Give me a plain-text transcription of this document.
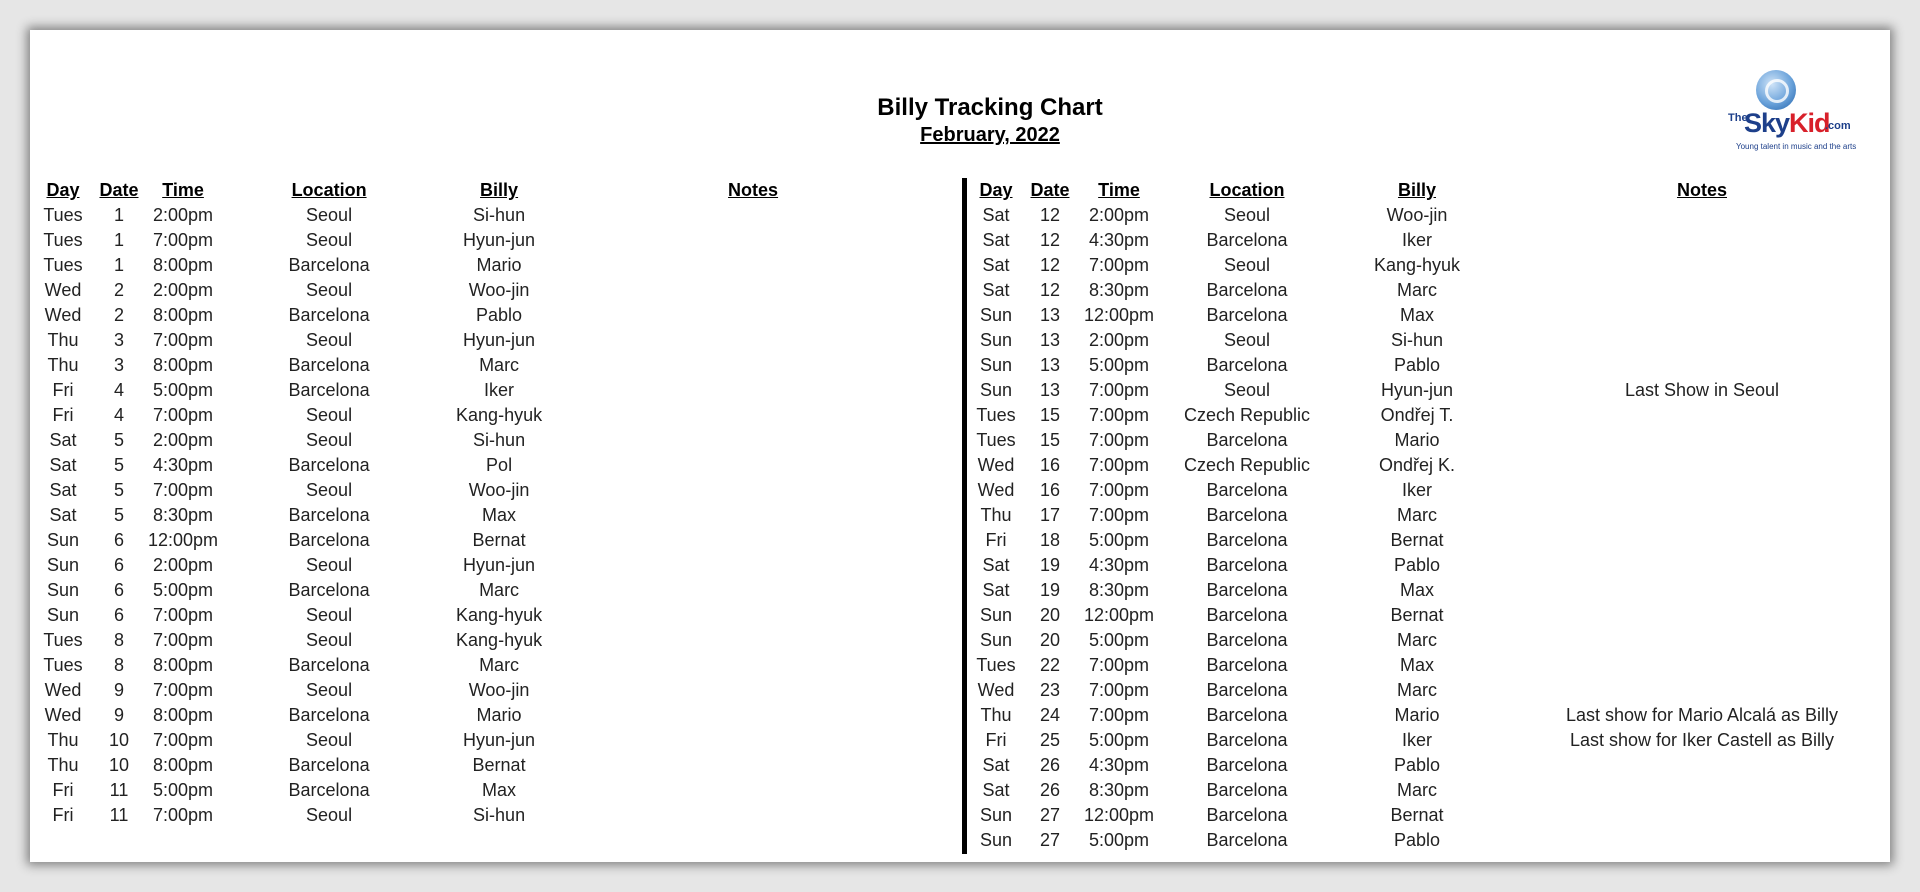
Billy Tracking Chart
February, 2022
The
SkyKid
.com
Young talent in music and the arts
Day	Date	Time	Location	Billy	Notes
Tues	1	2:00pm	Seoul	Si-hun	
Tues	1	7:00pm	Seoul	Hyun-jun	
Tues	1	8:00pm	Barcelona	Mario	
Wed	2	2:00pm	Seoul	Woo-jin	
Wed	2	8:00pm	Barcelona	Pablo	
Thu	3	7:00pm	Seoul	Hyun-jun	
Thu	3	8:00pm	Barcelona	Marc	
Fri	4	5:00pm	Barcelona	Iker	
Fri	4	7:00pm	Seoul	Kang-hyuk	
Sat	5	2:00pm	Seoul	Si-hun	
Sat	5	4:30pm	Barcelona	Pol	
Sat	5	7:00pm	Seoul	Woo-jin	
Sat	5	8:30pm	Barcelona	Max	
Sun	6	12:00pm	Barcelona	Bernat	
Sun	6	2:00pm	Seoul	Hyun-jun	
Sun	6	5:00pm	Barcelona	Marc	
Sun	6	7:00pm	Seoul	Kang-hyuk	
Tues	8	7:00pm	Seoul	Kang-hyuk	
Tues	8	8:00pm	Barcelona	Marc	
Wed	9	7:00pm	Seoul	Woo-jin	
Wed	9	8:00pm	Barcelona	Mario	
Thu	10	7:00pm	Seoul	Hyun-jun	
Thu	10	8:00pm	Barcelona	Bernat	
Fri	11	5:00pm	Barcelona	Max	
Fri	11	7:00pm	Seoul	Si-hun	
Day	Date	Time	Location	Billy	Notes
Sat	12	2:00pm	Seoul	Woo-jin	
Sat	12	4:30pm	Barcelona	Iker	
Sat	12	7:00pm	Seoul	Kang-hyuk	
Sat	12	8:30pm	Barcelona	Marc	
Sun	13	12:00pm	Barcelona	Max	
Sun	13	2:00pm	Seoul	Si-hun	
Sun	13	5:00pm	Barcelona	Pablo	
Sun	13	7:00pm	Seoul	Hyun-jun	Last Show in Seoul
Tues	15	7:00pm	Czech Republic	Ondřej T.	
Tues	15	7:00pm	Barcelona	Mario	
Wed	16	7:00pm	Czech Republic	Ondřej K.	
Wed	16	7:00pm	Barcelona	Iker	
Thu	17	7:00pm	Barcelona	Marc	
Fri	18	5:00pm	Barcelona	Bernat	
Sat	19	4:30pm	Barcelona	Pablo	
Sat	19	8:30pm	Barcelona	Max	
Sun	20	12:00pm	Barcelona	Bernat	
Sun	20	5:00pm	Barcelona	Marc	
Tues	22	7:00pm	Barcelona	Max	
Wed	23	7:00pm	Barcelona	Marc	
Thu	24	7:00pm	Barcelona	Mario	Last show for Mario Alcalá as Billy
Fri	25	5:00pm	Barcelona	Iker	Last show for Iker Castell as Billy
Sat	26	4:30pm	Barcelona	Pablo	
Sat	26	8:30pm	Barcelona	Marc	
Sun	27	12:00pm	Barcelona	Bernat	
Sun	27	5:00pm	Barcelona	Pablo	
